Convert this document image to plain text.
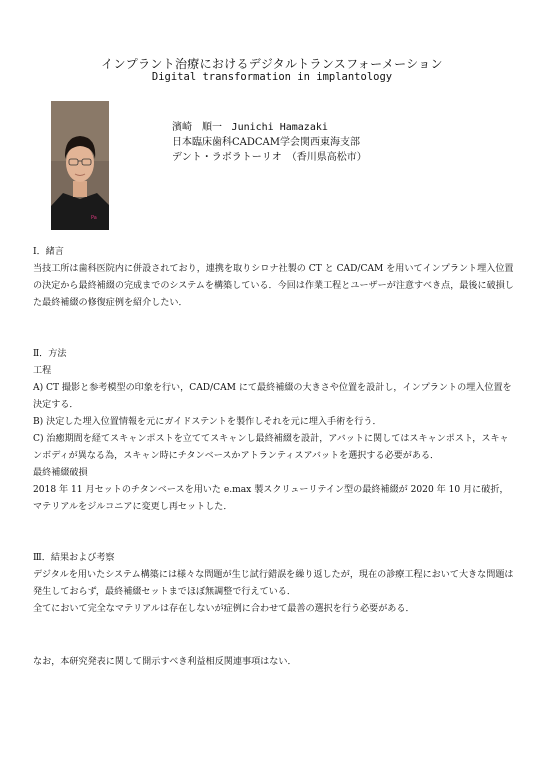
インプラント治療におけるデジタルトランスフォーメーション
Digital transformation in implantology
Pa
濱崎　順一 Junichi Hamazaki
日本臨床歯科CADCAM学会関西東海支部
デント・ラボラトーリオ　（香川県高松市）

Ⅰ．緒言

当技工所は歯科医院内に併設されており，連携を取りシロナ社製の CT と CAD/CAM を用いてインプラント埋入位置の決定から最終補綴の完成までのシステムを構築している．今回は作業工程とユーザーが注意すべき点，最後に破損した最終補綴の修復症例を紹介したい．

Ⅱ．方法

工程

A) CT 撮影と参考模型の印象を行い，CAD/CAM にて最終補綴の大きさや位置を設計し，インプラントの埋入位置を決定する．

B) 決定した埋入位置情報を元にガイドステントを製作しそれを元に埋入手術を行う．

C) 治癒期間を経てスキャンポストを立ててスキャンし最終補綴を設計，アバットに関してはスキャンポスト，スキャンボディが異なる為，スキャン時にチタンベースかアトランティスアバットを選択する必要がある．

最終補綴破損

2018 年 11 月セットのチタンベースを用いた e.max 製スクリューリテイン型の最終補綴が 2020 年 10 月に破折，マテリアルをジルコニアに変更し再セットした．

Ⅲ．結果および考察

デジタルを用いたシステム構築には様々な問題が生じ試行錯誤を繰り返したが，現在の診療工程において大きな問題は発生しておらず，最終補綴セットまでほぼ無調整で行えている．

全てにおいて完全なマテリアルは存在しないが症例に合わせて最善の選択を行う必要がある．

なお，本研究発表に関して開示すべき利益相反関連事項はない．
